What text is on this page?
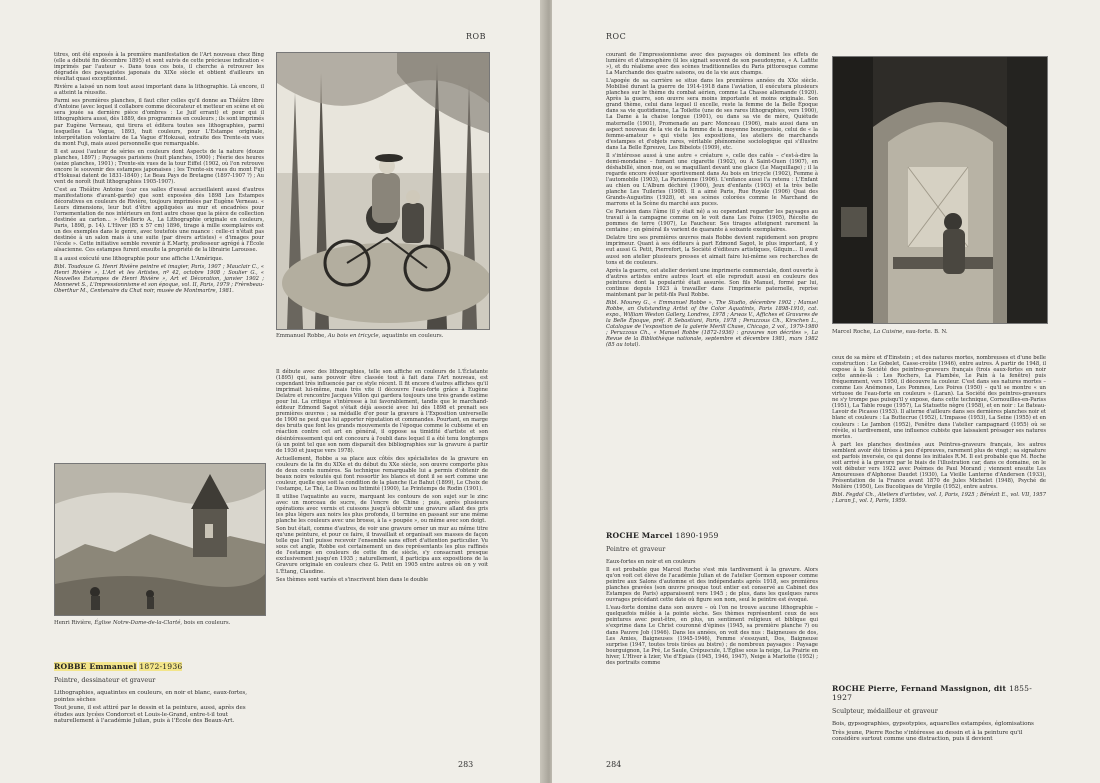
ROB

titres, ont été exposés à la première manifestation de l'Art nouveau chez Bing (elle a débuté fin décembre 1895) et sont suivis de cette précieuse indication « imprimés par l'auteur ». Dans tous ces bois, il cherche à retrouver les dégradés des paysagistes japonais du XIXe siècle et obtient d'ailleurs un résultat quasi exceptionnel.

Rivière a laissé un nom tout aussi important dans la lithographie. Là encore, il a atteint la réussite.

Parmi ses premières planches, il faut citer celles qu'il donne au Théâtre libre d'Antoine (avec lequel il collabore comme décorateur et metteur en scène et où sera jouée sa dernière pièce d'ombres : Le Juif errant) et pour qui il lithographiera aussi, dès 1889, des programmes en couleurs ; ils sont imprimés par Eugène Verneau, qui tirera et éditera toutes ses lithographies, parmi lesquelles La Vague, 1893, huit couleurs, pour L'Estampe originale, interprétation volontaire de La Vague d'Hokusai, extraite des Trente-six vues du mont Fuji, mais aussi personnelle que remarquable.

Il est aussi l'auteur de séries en couleurs dont Aspects de la nature (douze planches, 1897) ; Paysages parisiens (huit planches, 1900) ; Féerie des heures (seize planches, 1901) ; Trente-six vues de la tour Eiffel (1902, où l'on retrouve encore le souvenir des estampes japonaises ; les Trente-six vues du mont Fuji d'Hokusai datent de 1831-1840) ; Le Beau Pays de Bretagne (1897-1907 ?) ; Au vent de noroît (huit lithographies 1905-1907).

C'est au Théâtre Antoine (car ces salles d'essai accueillaient aussi d'autres manifestations d'avant-garde) que sont exposées dès 1898 Les Estampes décoratives en couleurs de Rivière, toujours imprimées par Eugène Verneau. « Leurs dimensions, leur but d'être appliquées au mur et encadrées pour l'ornementation de nos intérieurs en font autre chose que la pièce de collection destinée au carton... » (Mellerio A., La Lithographie originale en couleurs, Paris, 1898, p. 14). L'Hiver (85 x 57 cm) 1896, tirage à mille exemplaires est un des exemples dans le genre, avec toutefois une nuance : celle-ci n'était pas destinée à un salon mais à une suite (par divers artistes) « d'images pour l'école ». Cette initiative semble revenir à E.Marty, professeur agrégé à l'École alsacienne. Ces estampes furent ensuite la propriété de la librairie Larousse.

Il a aussi exécuté une lithographie pour une affiche L'Amérique.

Bibl. Toudouze G. Henri Rivière peintre et imagier, Paris, 1907 ; Mauclair C., « Henri Rivière », L'Art et les Artistes, nº 42, octobre 1908 ; Soulier G., « Nouvelles Estampes de Henri Rivière », Art et Décoration, janvier 1902 ; Monneret S., L'Impressionnisme et son époque, vol. II, Paris, 1979 ; Frèrebeau-Oberthur M., Centenaire du Chat noir, musée de Montmartre, 1981.

Emmanuel Robbe, Au bois en tricycle, aquatinte en couleurs.
Henri Rivière, Église Notre-Dame-de-la-Clarté, bois en couleurs.
ROBBE Emmanuel 1872-1936
Peintre, dessinateur et graveur

Lithographies, aquatintes en couleurs, en noir et blanc, eaux-fortes, pointes sèches

Tout jeune, il est attiré par le dessin et la peinture, aussi, après des études aux lycées Condorcet et Louis-le-Grand, entre-t-il tout naturellement à l'académie Julian, puis à l'École des Beaux-Art.

Il débute avec des lithographies, telle son affiche en couleurs de L'Éclatante (1895) qui, sans pouvoir être classée tout à fait dans l'Art nouveau, est cependant très influencée par ce style récent. Il fit encore d'autres affiches qu'il imprimait lui-même, mais très vite il découvre l'eau-forte grâce à Eugène Delatre et rencontre Jacques Villon qui gardera toujours une très grande estime pour lui. La critique s'intéresse à lui favorablement, tandis que le marchand-éditeur Edmond Sagot s'était déjà associé avec lui dès 1898 et prenait ses premières œuvres ; sa médaille d'or pour la gravure à l'Exposition universelle de 1900 ne peut que lui apporter réputation et commandes. Pourtant, en marge des bruits que font les grands mouvements de l'époque comme le cubisme et en réaction contre cet art en général, il oppose sa timidité d'artiste et son désintéressement qui ont concouru à l'oubli dans lequel il a été tenu longtemps (à un point tel que son nom disparaît des bibliographies sur la gravure à partir de 1930 et jusque vers 1978).

Actuellement, Robbe a sa place aux côtés des spécialistes de la gravure en couleurs de la fin du XIXe et du début du XXe siècle, son œuvre comporte plus de deux cents numéros. Sa technique remarquable lui a permis d'obtenir de beaux noirs veloutés qui font ressortir les blancs et dont il se sert comme une couleur, quelle que soit la condition de la planche (Le Bahut (1899), Le Choix de l'estampe, Le Thé, Le Divan ou Intimité (1900), Le Printemps de Rodin (1901).

Il utilise l'aquatinte au sucre, marquant les contours de son sujet sur le zinc avec un morceau de sucre, de l'encre de Chine ; puis, après plusieurs opérations avec vernis et cuissons jusqu'à obtenir une gravure allant des gris les plus légers aux noirs les plus profonds, il termine en passant sur une même planche les couleurs avec une brosse, à la « poupée », ou même avec son doigt.

Son but était, comme d'autres, de voir une gravure orner un mur au même titre qu'une peinture, et pour ce faire, il travaillait et organisait ses masses de façon telle que l'œil puisse recevoir l'ensemble sans effort d'attention particulier. Vu sous cet angle, Robbe est certainement un des représentants les plus raffinés de l'estampe en couleurs de cette fin de siècle, s'y consacrant presque exclusivement jusqu'en 1935 ; naturellement, il participa aux expositions de la Gravure originale en couleurs chez G. Petit en 1905 entre autres où on y voit L'Étang, Claudine.

Ses thèmes sont variés et s'inscrivent bien dans le double

283
ROC

courant de l'impressionnisme avec des paysages où dominent les effets de lumière et d'atmosphère (il les signait souvent de son pseudonyme, « A. Lafitte »), et du réalisme avec des scènes traditionnelles du Paris pittoresque comme La Marchande des quatre saisons, ou de la vie aux champs.

L'apogée de sa carrière se situe dans les premières années du XXe siècle. Mobilisé durant la guerre de 1914-1918 dans l'aviation, il exécutera plusieurs planches sur le thème du combat aérien, comme La Chasse allemande (1920). Après la guerre, son œuvre sera moins importante et moins originale. Son grand thème, celui dans lequel il excelle, reste la femme de la Belle Époque dans sa vie quotidienne, La Toilette (une de ses rares lithographies, vers 1900), La Dame à la chaise longue (1901), ou dans sa vie de mère, Quiétude maternelle (1901), Promenade au parc Monceau (1906), mais aussi dans un aspect nouveau de la vie de la femme de la moyenne bourgeoisie, celui de « la femme-amateur » qui visite les expositions, les ateliers de marchands d'estampes et d'objets rares, véritable phénomène sociologique qui s'illustre dans La Belle Épreuve, Les Bibelots (1909), etc.

Il s'intéresse aussi à une autre « créature », celle des cafés – c'est-à-dire la demi-mondaine – fumant une cigarette (1902), ou À Saint-Ouen (1907), en déshabillé, sinon nue, ou se maquillant devant une glace (Le Maquillage) ; il la regarde encore évoluer sportivement dans Au bois en tricycle (1902), Femme à l'automobile (1903), La Parisienne (1906). L'enfance aussi l'a retenu : L'Enfant au chien ou L'Album déchiré (1900), Jeux d'enfants (1903) et la très belle planche Les Tuileries (1908). Il a aimé Paris, Rue Royale (1906) Quai des Grands-Augustins (1928), et ses scènes colorées comme le Marchand de marrons et la Scène du marché aux puces.

Ce Parisien dans l'âme (il y était né) a su cependant regarder les paysages au travail à la campagne comme on le voit dans Les Foins (1905), Récolte de pommes de terre (1907), Le Faucheur. Ses tirages atteignent rarement la centaine ; en général ils varient de quarante à soixante exemplaires.

Delatre tire ses premières œuvres mais Robbe devient rapidement son propre imprimeur. Quant à ses éditeurs à part Edmond Sagot, le plus important, il y eut aussi G. Petit, Pierrefort, la Société d'éditeurs artistiques, Gilquin... Il avait aussi son atelier plusieurs presses et aimait faire lui-même ses recherches de tons et de couleurs.

Après la guerre, cet atelier devient une imprimerie commerciale, dont ouverte à d'autres artistes entre autres Icart et elle reproduit aussi en couleurs des peintures dont la popularité était assurée. Son fils Manuel, formé par lui, continue depuis 1923 à travailler dans l'imprimerie paternelle, reprise maintenant par le petit-fils Paul Robbe.

Bibl. Mourey G., « Emmanuel Robbe », The Studio, décembre 1902 ; Manuel Robbe, an Outstanding Artist of the Color Aquatints, Paris 1898-1910, cat. expo., William Weston Gallery, Londres, 1978 ; Arwas V., Affiches et Gravures de la Belle Époque, préf. P. Sebastiani, Paris, 1978 ; Peruzzous Ch., Kirschen L., Catalogue de l'exposition de la galerie Merill Chase, Chicago, 2 vol., 1979-1980 ; Peruzzous Ch., « Manuel Robbe (1872-1936) : gravures non décrites », La Revue de la Bibliothèque nationale, septembre et décembre 1981, mars 1982 (85 au total).

Marcel Roche, La Cuisine, eau-forte. B. N.
ROCHE Marcel 1890-1959
Peintre et graveur

Eaux-fortes en noir et en couleurs

Il est probable que Marcel Roche s'est mis tardivement à la gravure. Alors qu'on voit cet élève de l'académie Julian et de l'atelier Cormon exposer comme peintre aux Salons d'automne et des indépendants après 1918, ses premières planches gravées (son œuvre presque tout entier est conservé au Cabinet des Estampes de Paris) apparaissent vers 1945 ; de plus, dans les quelques rares ouvrages précédant cette date où figure son nom, seul le peintre est évoqué.

L'eau-forte domine dans son œuvre – où l'on ne trouve aucune lithographie – quelquefois mêlée à la pointe sèche. Ses thèmes représentent ceux de ses peintures avec peut-être, en plus, un sentiment religieux et biblique qui s'exprime dans Le Christ couronné d'épines (1945, sa première planche ?) ou dans Pauvre Job (1946). Dans les années, on voit des nus : Baigneuses de dos, Les Amies, Baigneuses (1945-1946), Femme s'essuyant, Dos, Baigneuse surprise (1947, toutes trois tirées au bistre) ; de nombreux paysages : Paysage bourguignon, Le Pré, Le Saule, Crépuscule, L'Église sous la neige, La Prairie en hiver, L'Hiver à Izier, Vie d'Epiais (1945, 1946, 1947), Neige à Marlotte (1952) ; des portraits comme

ceux de sa mère et d'Einstein ; et des natures mortes, nombreuses et d'une belle construction : Le Gobelet, Casse-croûte (1946), entre autres. À partir de 1948, il expose à la Société des peintres-graveurs français (trois eaux-fortes en noir cette année-là : Les Rochers, La Flambée, Le Pain à la fenêtre) puis fréquemment, vers 1950, il découvre la couleur. C'est dans ses natures mortes – comme Les Anémones, Les Pommes, Les Poires (1950) – qu'il se montre « un virtuose de l'eau-forte en couleurs » (Laran). La Société des peintres-graveurs ne s'y trompe pas puisqu'il y expose, dans cette technique, Cornouilles-en-Pariss (1951), La Table rouge (1957), La Statuette nègre (1958), et en noir : Le Bateau-Lavoir de Picasso (1953). Il alterne d'ailleurs dans ses dernières planches noir et blanc et couleurs : La Buttecrue (1952), L'Impasse (1953), La Seine (1955) et en couleurs : Le Jambon (1952), Fenêtre dans l'atelier campagnard (1955) où se révèle, si tardivement, une influence cubiste que laissaient présager ses natures mortes.

À part les planches destinées aux Peintres-graveurs français, les autres semblent avoir été tirées à peu d'épreuves, rarement plus de vingt ; sa signature est parfois inversée, ce qui donne les initiales R.M. Il est probable que M. Roche soit arrivé à la gravure par le biais de l'illustration car, dans ce domaine, on le voit débuter vers 1922 avec Poèmes de Paul Morand ; viennent ensuite Les Amoureuses d'Alphonse Daudet (1930), La Vieille Lanterne d'Andersen (1933), Présentation de la France avant 1870 de Jules Michelet (1948), Psyché de Molière (1950), Les Bucoliques de Virgile (1952), entre autres.

Bibl. Fegdal Ch., Ateliers d'artistes, vol. I, Paris, 1925 ; Bénézit E., vol. VII, 1957 ; Laran J., vol. I, Paris, 1959.

ROCHE Pierre, Fernand Massignon, dit 1855-1927
Sculpteur, médailleur et graveur

Bois, gypsographies, gypsotypies, aquarelles estampées, églomisations

Très jeune, Pierre Roche s'intéresse au dessin et à la peinture qu'il considère surtout comme une distraction, puis il devient

284
